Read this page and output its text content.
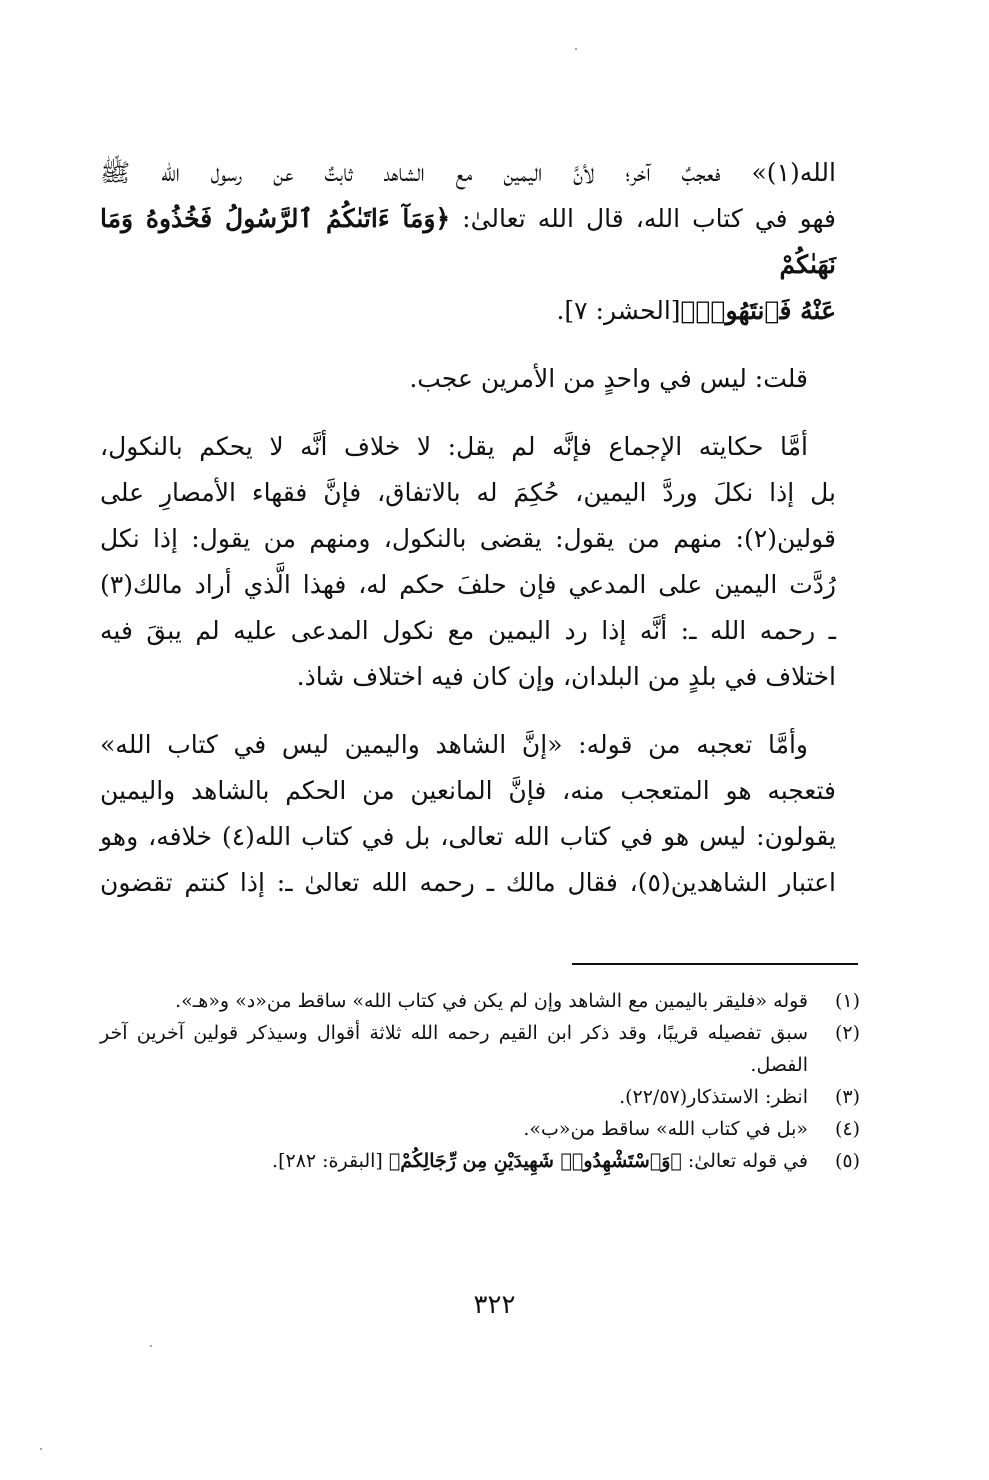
الله(١)» فعجبٌ آخر؛ لأنَّ اليمين مع الشاهد ثابتٌ عن رسول الله ﷺ
فهو في كتاب الله، قال الله تعالىٰ: ﴿وَمَآ ءَاتَىٰكُمُ ٱلرَّسُولُ فَخُذُوهُ وَمَا نَهَىٰكُمْ
عَنْهُ فَٱنتَهُوا۟﴾[الحشر: ٧].

قلت: ليس في واحدٍ من الأمرين عجب.

أمَّا حكايته الإجماع فإنَّه لم يقل: لا خلاف أنَّه لا يحكم بالنكول،
بل إذا نكلَ وردَّ اليمين، حُكِمَ له بالاتفاق، فإنَّ فقهاء الأمصارِ على
قولين(٢): منهم من يقول: يقضى بالنكول، ومنهم من يقول: إذا نكل
رُدَّت اليمين على المدعي فإن حلفَ حكم له، فهذا الَّذي أراد مالك(٣)
ـ رحمه الله ـ: أنَّه إذا رد اليمين مع نكول المدعى عليه لم يبقَ فيه
اختلاف في بلدٍ من البلدان، وإن كان فيه اختلاف شاذ.

وأمَّا تعجبه من قوله: «إنَّ الشاهد واليمين ليس في كتاب الله»
فتعجبه هو المتعجب منه، فإنَّ المانعين من الحكم بالشاهد واليمين
يقولون: ليس هو في كتاب الله تعالى، بل في كتاب الله(٤) خلافه، وهو
اعتبار الشاهدين(٥)، فقال مالك ـ رحمه الله تعالىٰ ـ: إذا كنتم تقضون

(١)
قوله «فليقر باليمين مع الشاهد وإن لم يكن في كتاب الله» ساقط من«د» و«هـ».
(٢)
سبق تفصيله قريبًا، وقد ذكر ابن القيم رحمه الله ثلاثة أقوال وسيذكر قولين آخرين آخر الفصل.
(٣)
انظر: الاستذكار(٢٢/٥٧).
(٤)
«بل في كتاب الله» ساقط من«ب».
(٥)
في قوله تعالىٰ: ﴿وَٱسْتَشْهِدُوا۟ شَهِيدَيْنِ مِن رِّجَالِكُمْ﴾ [البقرة: ٢٨٢].
٣٢٢
